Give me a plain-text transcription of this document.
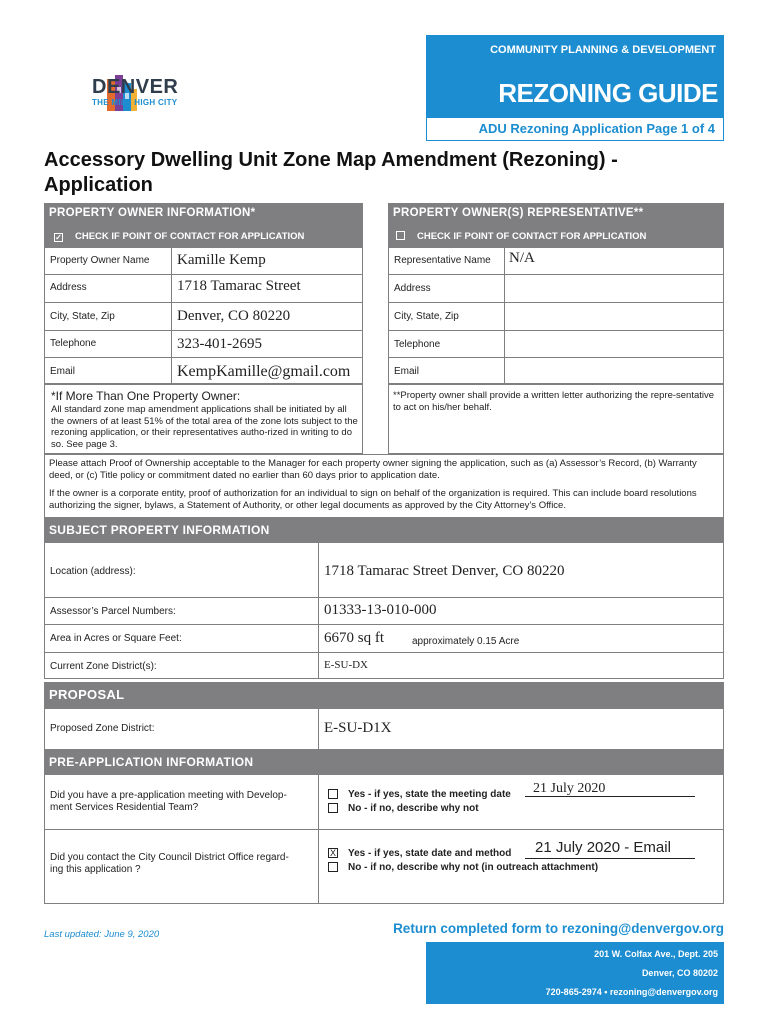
DENVER
THE MILE HIGH CITY
COMMUNITY PLANNING & DEVELOPMENT
REZONING GUIDE
ADU Rezoning Application Page 1 of 4
Accessory Dwelling Unit Zone Map Amendment (Rezoning) -
Application
PROPERTY OWNER INFORMATION*	PROPERTY OWNER(S) REPRESENTATIVE**
✓ CHECK IF POINT OF CONTACT FOR APPLICATION	CHECK IF POINT OF CONTACT FOR APPLICATION
Property Owner Name Kamille Kemp
Address	1718 Tamarac Street
City, State, Zip	Denver, CO 80220
Telephone	323-401-2695
Email	KempKamille@gmail.com
Representative Name N/A
Address
City, State, Zip
Telephone
Email
*If More Than One Property Owner:
All standard zone map amendment applications shall be initiated by all the owners of at least 51% of the total area of the zone lots subject to the rezoning application, or their representatives autho-rized in writing to do so. See page 3.
**Property owner shall provide a written letter authorizing the repre-sentative to act on his/her behalf.
Please attach Proof of Ownership acceptable to the Manager for each property owner signing the application, such as (a) Assessor’s Record, (b) Warranty deed, or (c) Title policy or commitment dated no earlier than 60 days prior to application date.
If the owner is a corporate entity, proof of authorization for an individual to sign on behalf of the organization is required. This can include board resolutions authorizing the signer, bylaws, a Statement of Authority, or other legal documents as approved by the City Attorney’s Office.
SUBJECT PROPERTY INFORMATION
Location (address):	1718 Tamarac Street Denver, CO 80220
Assessor’s Parcel Numbers:	01333-13-010-000
Area in Acres or Square Feet:	6670 sq ft	approximately 0.15 Acre
Current Zone District(s):	E-SU-DX
PROPOSAL
Proposed Zone District:	E-SU-D1X
PRE-APPLICATION INFORMATION
Did you have a pre-application meeting with Develop-ment Services Residential Team?
Yes - if yes, state the meeting date
No - if no, describe why not
21 July 2020
Did you contact the City Council District Office regard-ing this application ?
X Yes - if yes, state date and method
No - if no, describe why not (in outreach attachment)
21 July 2020 - Email
Last updated: June 9, 2020	Return completed form to rezoning@denvergov.org
201 W. Colfax Ave., Dept. 205
Denver, CO 80202
720-865-2974 • rezoning@denvergov.org
